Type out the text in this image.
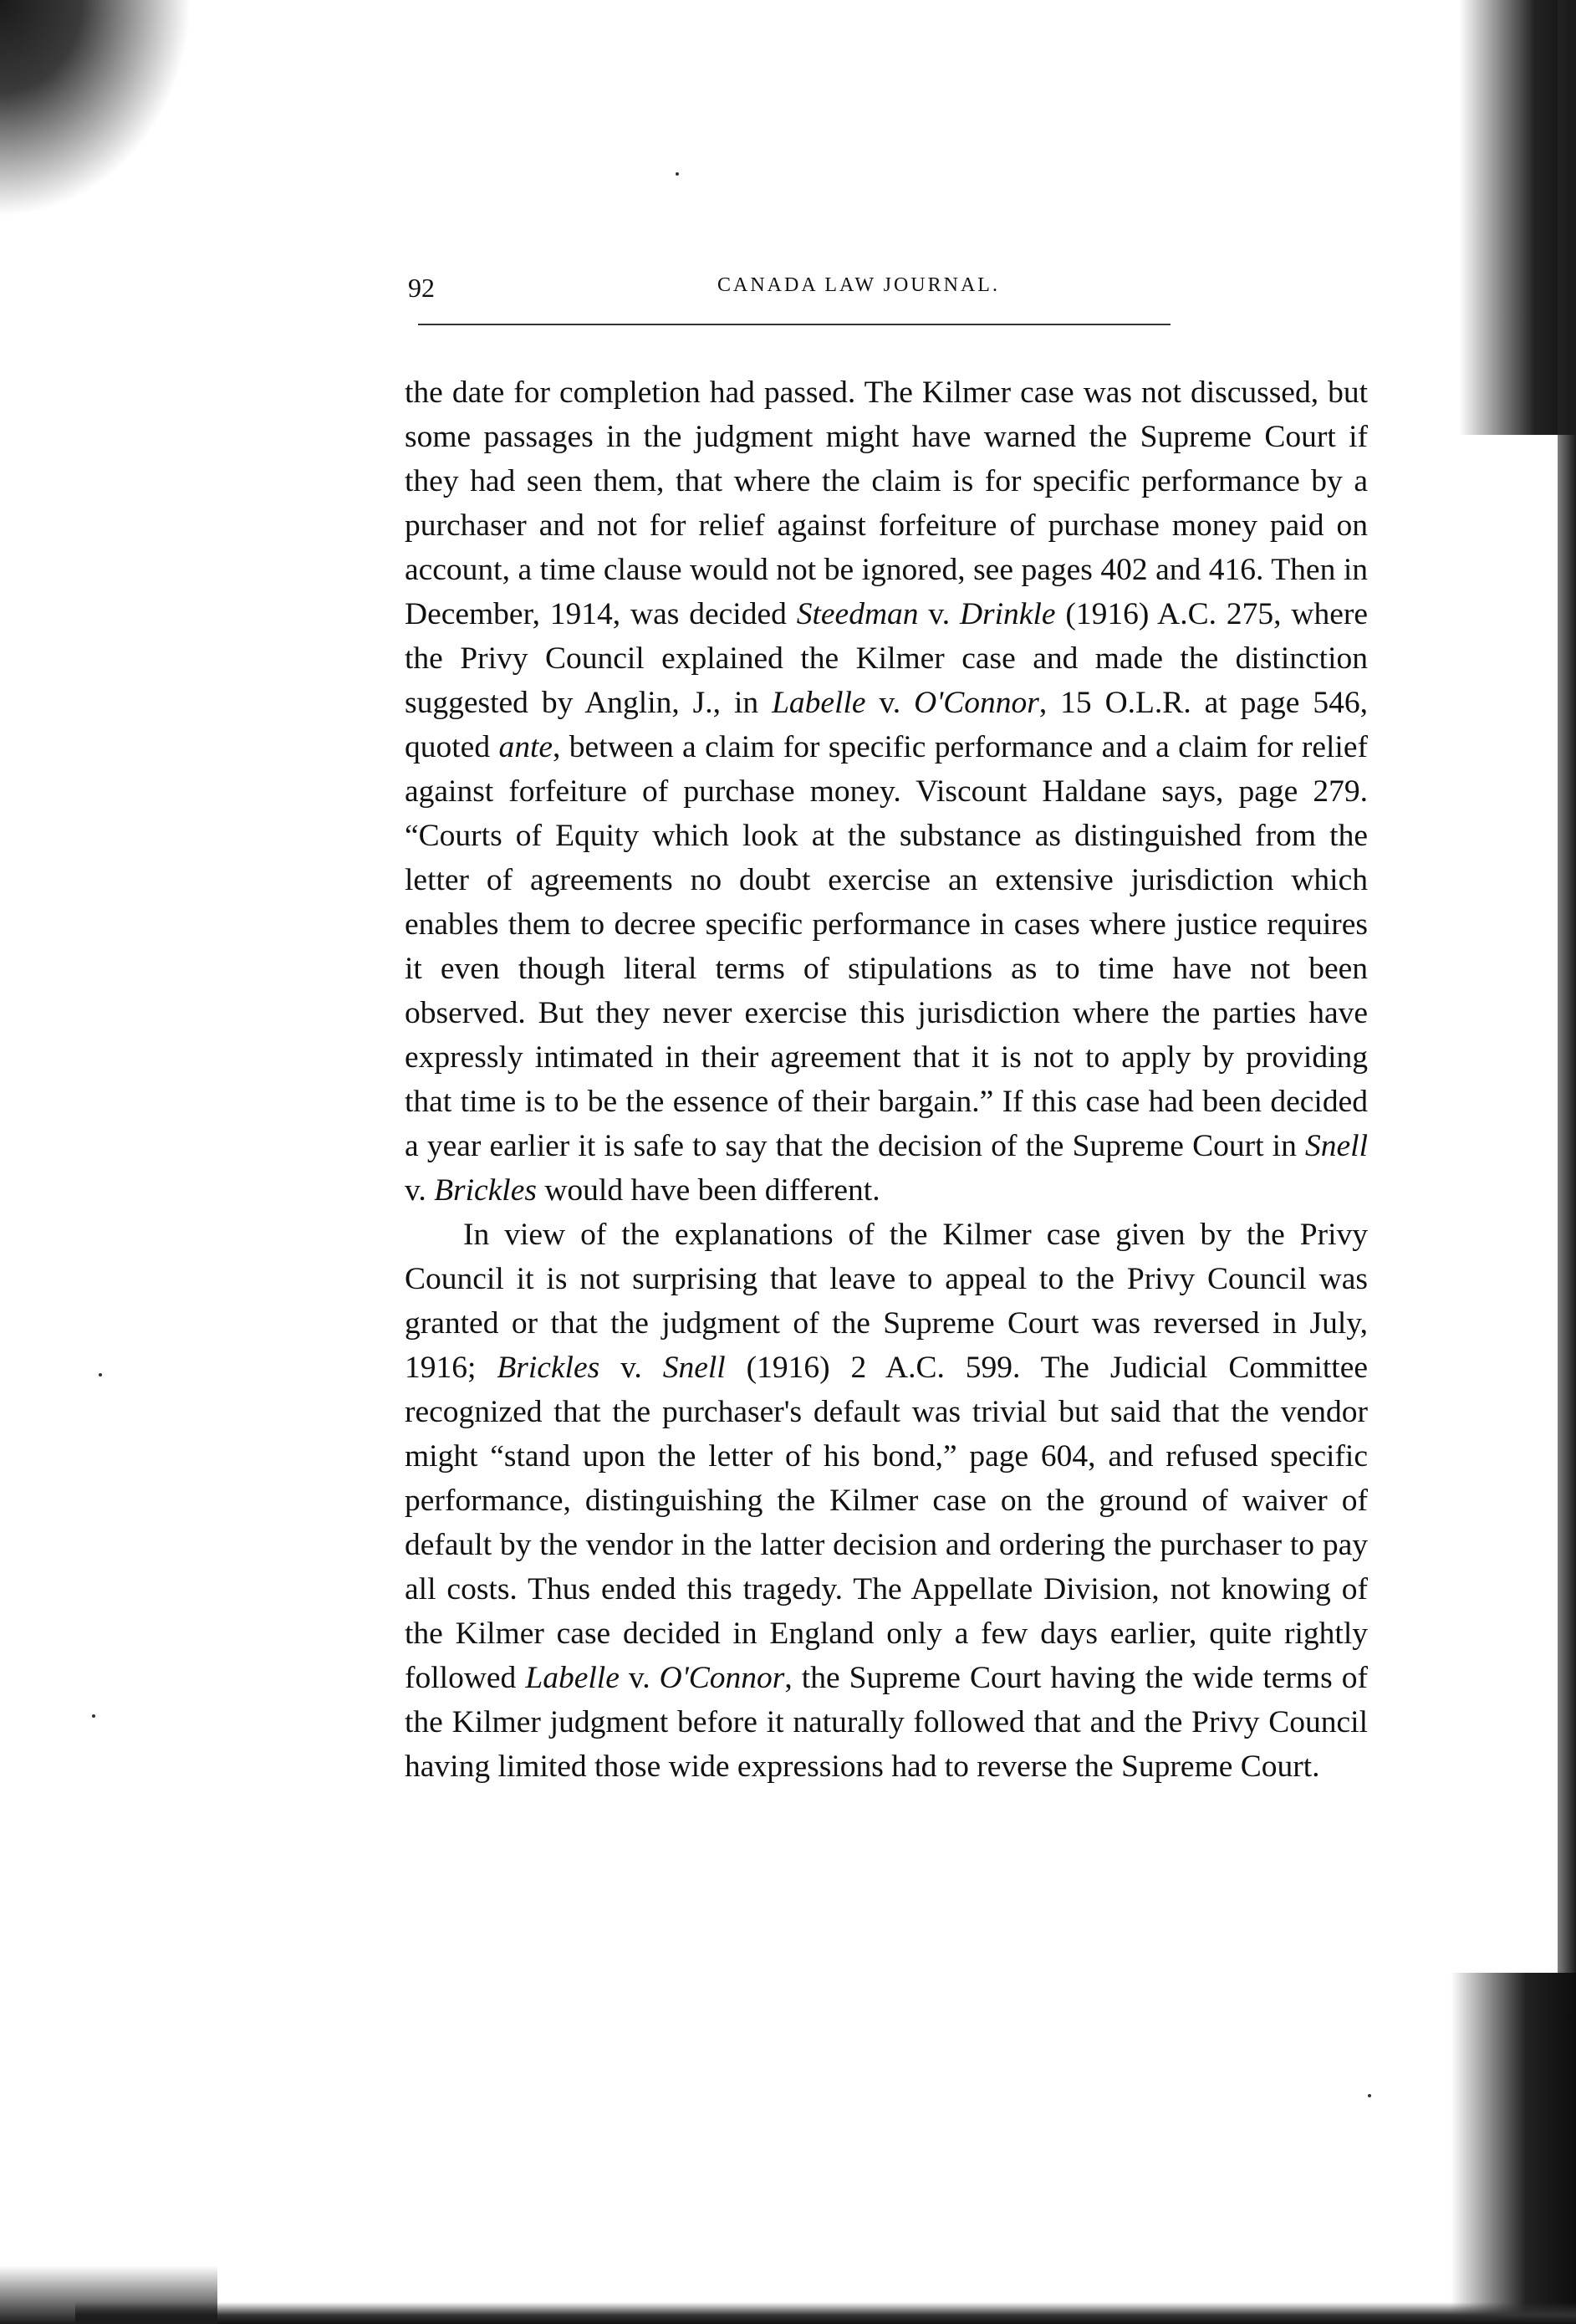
92	CANADA LAW JOURNAL.

the date for completion had passed. The Kilmer case was not discussed, but some passages in the judgment might have warned the Supreme Court if they had seen them, that where the claim is for specific performance by a purchaser and not for relief against forfeiture of purchase money paid on account, a time clause would not be ignored, see pages 402 and 416. Then in December, 1914, was decided Steedman v. Drinkle (1916) A.C. 275, where the Privy Council explained the Kilmer case and made the distinction suggested by Anglin, J., in Labelle v. O'Connor, 15 O.L.R. at page 546, quoted ante, between a claim for specific performance and a claim for relief against forfeiture of purchase money. Viscount Haldane says, page 279. “Courts of Equity which look at the substance as distinguished from the letter of agreements no doubt exercise an extensive jurisdiction which enables them to decree specific performance in cases where justice requires it even though literal terms of stipulations as to time have not been observed. But they never exercise this jurisdiction where the parties have expressly intimated in their agreement that it is not to apply by providing that time is to be the essence of their bargain.” If this case had been decided a year earlier it is safe to say that the decision of the Supreme Court in Snell v. Brickles would have been different.

In view of the explanations of the Kilmer case given by the Privy Council it is not surprising that leave to appeal to the Privy Council was granted or that the judgment of the Supreme Court was reversed in July, 1916; Brickles v. Snell (1916) 2 A.C. 599. The Judicial Committee recognized that the purchaser's default was trivial but said that the vendor might “stand upon the letter of his bond,” page 604, and refused specific performance, distinguishing the Kilmer case on the ground of waiver of default by the vendor in the latter decision and ordering the purchaser to pay all costs. Thus ended this tragedy. The Appellate Division, not knowing of the Kilmer case decided in England only a few days earlier, quite rightly followed Labelle v. O'Connor, the Supreme Court having the wide terms of the Kilmer judgment before it naturally followed that and the Privy Council having limited those wide expressions had to reverse the Supreme Court.
